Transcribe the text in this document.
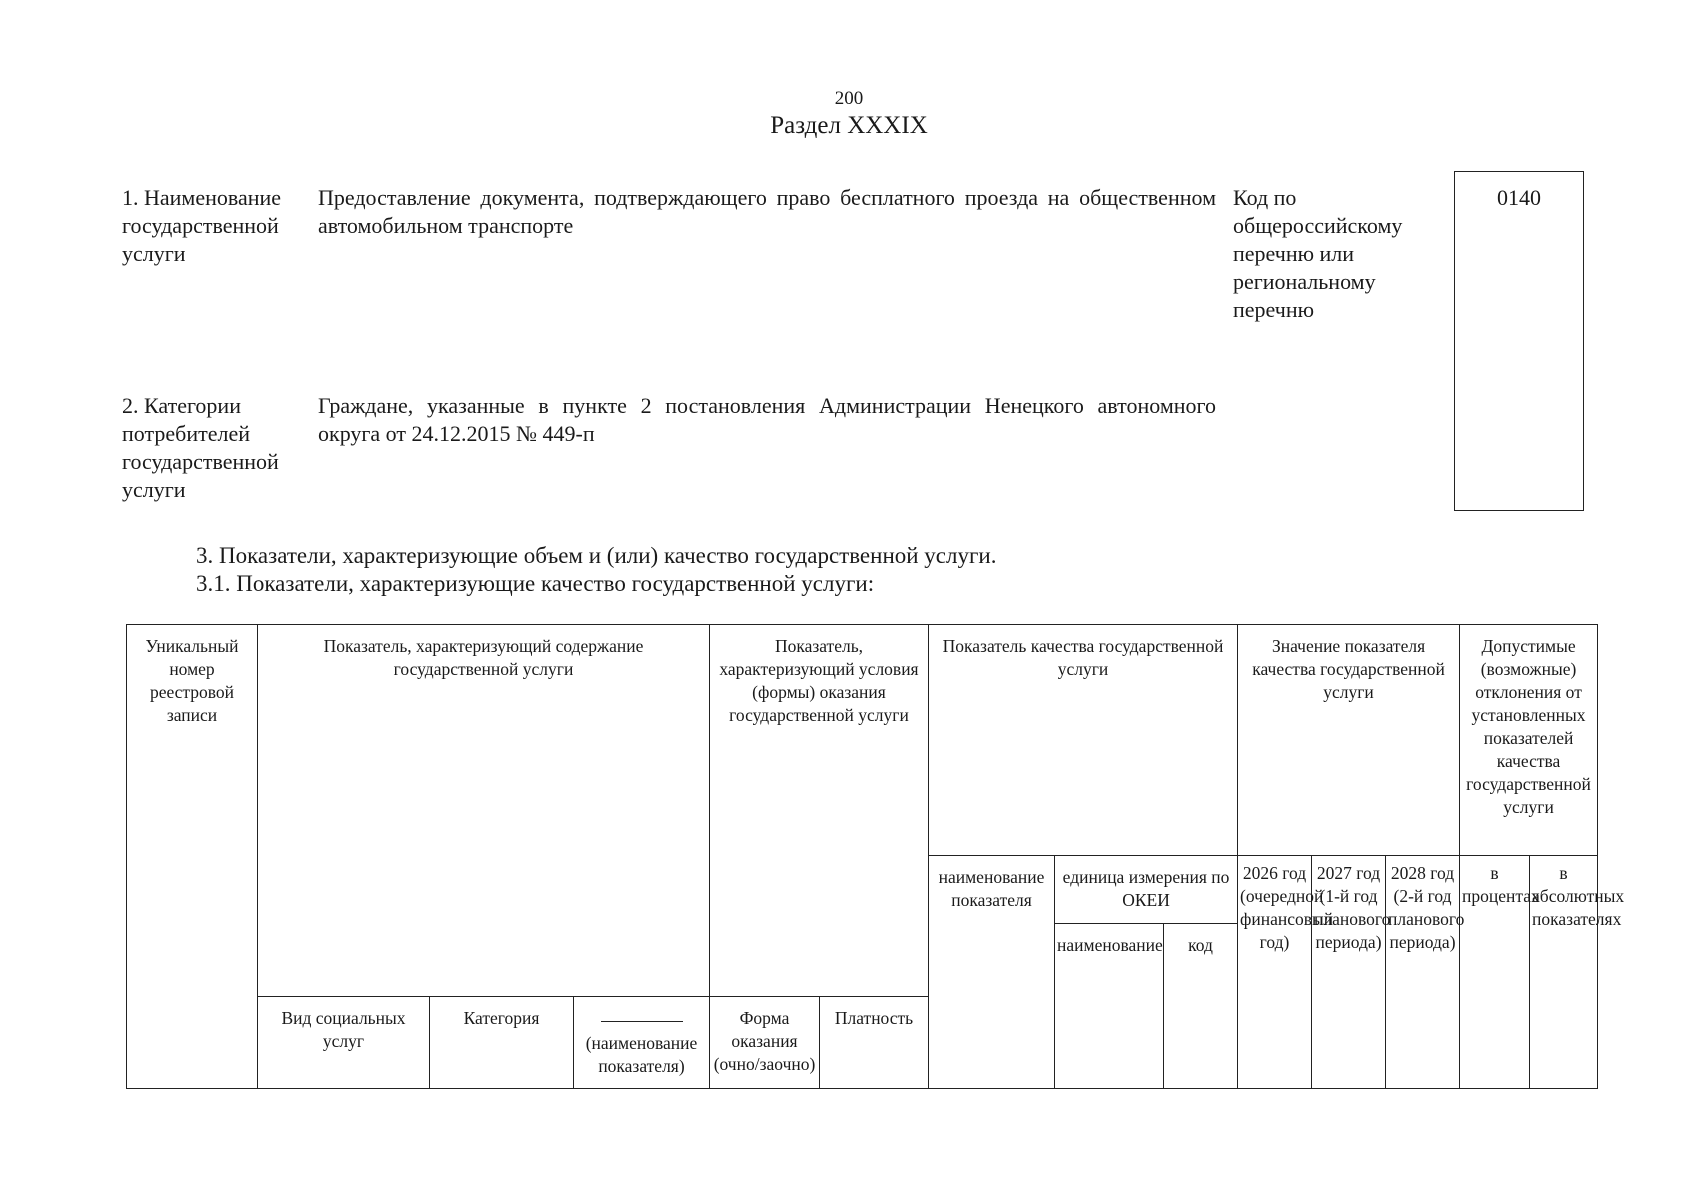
200
Раздел XXXIX
1. Наименование государственной услуги
Предоставление документа, подтверждающего право бесплатного проезда на общественном автомобильном транспорте
Код по общероссийскому перечню или региональному перечню
0140
2. Категории потребителей государственной услуги
Граждане, указанные в пункте 2 постановления Администрации Ненецкого автономного округа от 24.12.2015 № 449-п
3. Показатели, характеризующие объем и (или) качество государственной услуги.
3.1. Показатели, характеризующие качество государственной услуги:
Уникальный номер реестровой записи	Показатель, характеризующий содержание государственной услуги			Показатель, характеризующий условия (формы) оказания государственной услуги		Показатель качества государственной услуги			Значение показателя качества государственной услуги			Допустимые (возможные) отклонения от установленных показателей качества государственной услуги	
						наименование показателя	единица измерения по ОКЕИ		2026 год (очередной финансовый год)	2027 год (1-й год планового периода)	2028 год (2-й год планового периода)	в процентах	в абсолютных показателях
							наименование	код					
	Вид социальных услуг	Категория	(наименование показателя)	Форма оказания (очно/заочно)	Платность								
